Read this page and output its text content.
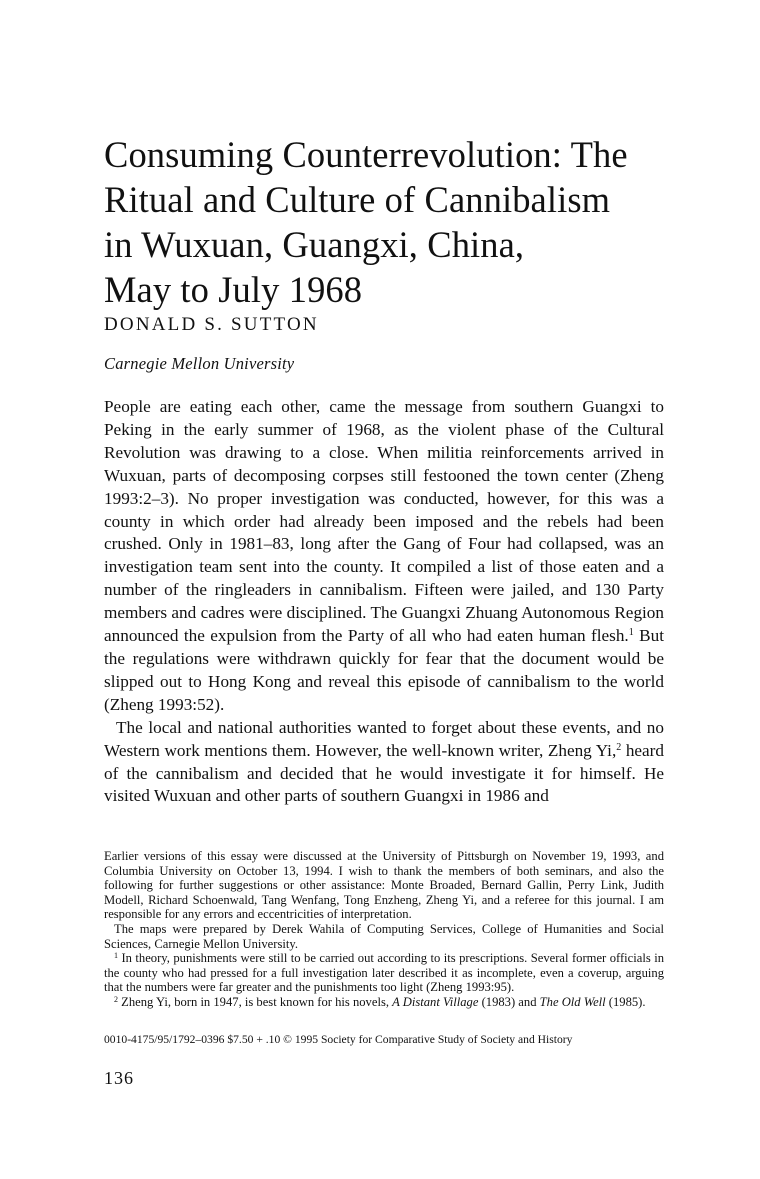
Consuming Counterrevolution: The
Ritual and Culture of Cannibalism
in Wuxuan, Guangxi, China,
May to July 1968

DONALD S. SUTTON

Carnegie Mellon University

People are eating each other, came the message from southern Guangxi to Peking in the early summer of 1968, as the violent phase of the Cultural Revolution was drawing to a close. When militia reinforcements arrived in Wuxuan, parts of decomposing corpses still festooned the town center (Zheng 1993:2–3). No proper investigation was conducted, however, for this was a county in which order had already been imposed and the rebels had been crushed. Only in 1981–83, long after the Gang of Four had collapsed, was an investigation team sent into the county. It compiled a list of those eaten and a number of the ringleaders in cannibalism. Fifteen were jailed, and 130 Party members and cadres were disciplined. The Guangxi Zhuang Autonomous Region announced the expulsion from the Party of all who had eaten human flesh.$^1$ But the regulations were withdrawn quickly for fear that the document would be slipped out to Hong Kong and reveal this episode of cannibalism to the world (Zheng 1993:52).

The local and national authorities wanted to forget about these events, and no Western work mentions them. However, the well-known writer, Zheng Yi,$^2$ heard of the cannibalism and decided that he would investigate it for himself. He visited Wuxuan and other parts of southern Guangxi in 1986 and

Earlier versions of this essay were discussed at the University of Pittsburgh on November 19, 1993, and Columbia University on October 13, 1994. I wish to thank the members of both seminars, and also the following for further suggestions or other assistance: Monte Broaded, Bernard Gallin, Perry Link, Judith Modell, Richard Schoenwald, Tang Wenfang, Tong Enzheng, Zheng Yi, and a referee for this journal. I am responsible for any errors and eccentricities of interpretation.

The maps were prepared by Derek Wahila of Computing Services, College of Humanities and Social Sciences, Carnegie Mellon University.

$^1$ In theory, punishments were still to be carried out according to its prescriptions. Several former officials in the county who had pressed for a full investigation later described it as incomplete, even a coverup, arguing that the numbers were far greater and the punishments too light (Zheng 1993:95).

$^2$ Zheng Yi, born in 1947, is best known for his novels, A Distant Village (1983) and The Old Well (1985).

0010-4175/95/1792–0396 $7.50 + .10 © 1995 Society for Comparative Study of Society and History

136
